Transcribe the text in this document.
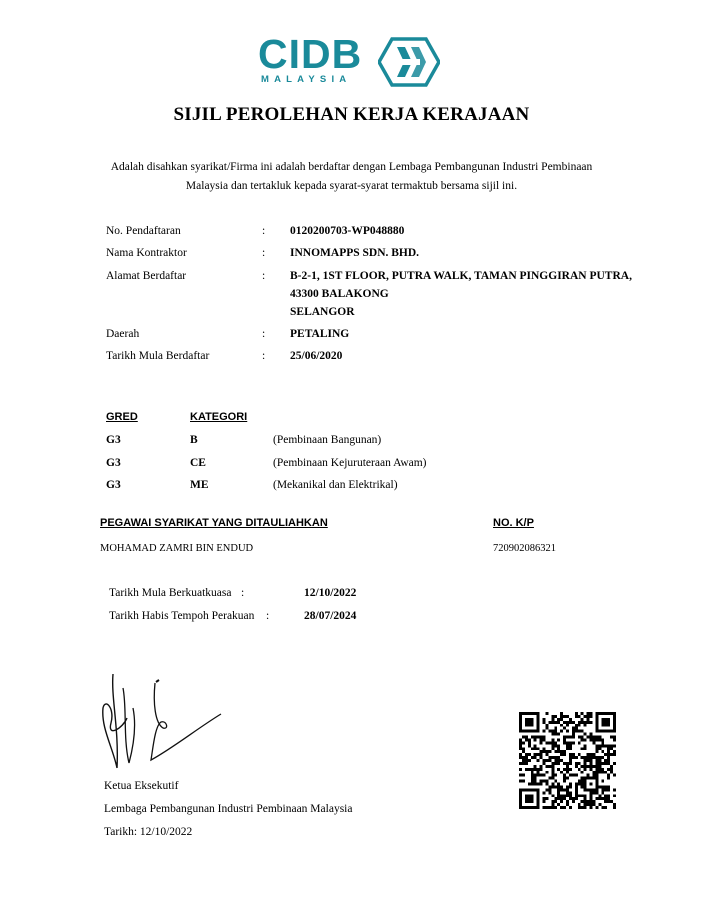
CIDB
MALAYSIA
SIJIL PEROLEHAN KERJA KERAJAAN
Adalah disahkan syarikat/Firma ini adalah berdaftar dengan Lembaga Pembangunan Industri Pembinaan
Malaysia dan tertakluk kepada syarat-syarat termaktub bersama sijil ini.
No. Pendaftaran	: 0120200703-WP048880
Nama Kontraktor	: INNOMAPPS SDN. BHD.
Alamat Berdaftar	: B-2-1, 1ST FLOOR, PUTRA WALK, TAMAN PINGGIRAN PUTRA,
43300 BALAKONG
SELANGOR
Daerah	: PETALING
Tarikh Mula Berdaftar	: 25/06/2020
GRED	KATEGORI
G3	B	(Pembinaan Bangunan)
G3	CE	(Pembinaan Kejuruteraan Awam)
G3	ME	(Mekanikal dan Elektrikal)
PEGAWAI SYARIKAT YANG DITAULIAHKAN	NO. K/P
MOHAMAD ZAMRI BIN ENDUD	720902086321
Tarikh Mula Berkuatkuasa :	12/10/2022
Tarikh Habis Tempoh Perakuan :	28/07/2024
Ketua Eksekutif
Lembaga Pembangunan Industri Pembinaan Malaysia
Tarikh: 12/10/2022
